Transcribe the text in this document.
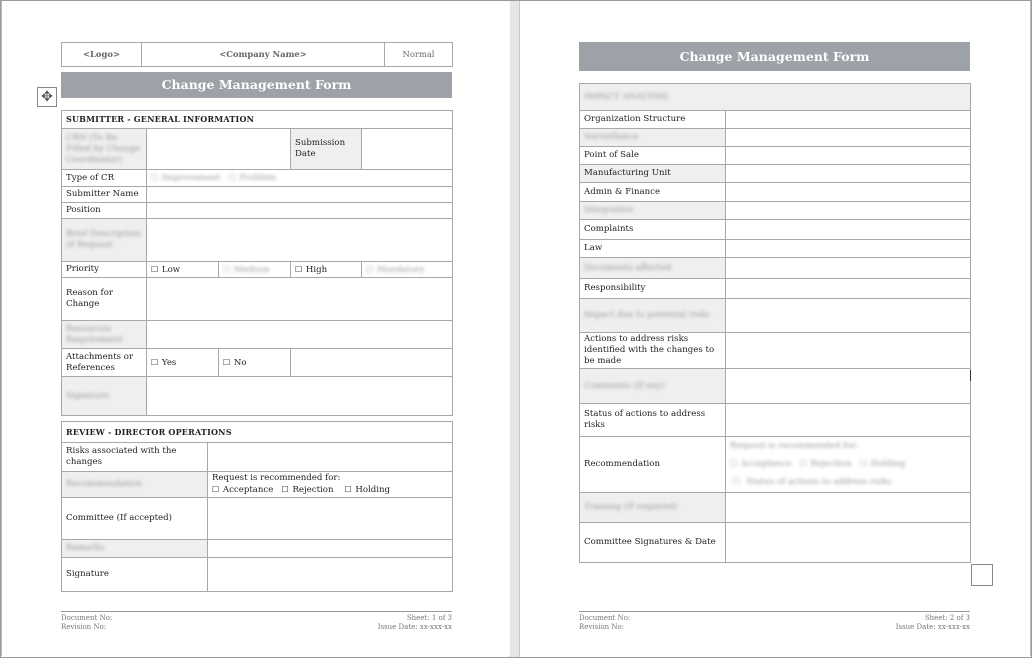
<Logo>	<Company Name>	Normal
Change Management Form
SUBMITTER - GENERAL INFORMATION				
CRN (To Be Filled by Change Coordinator)			Submission Date	
Type of CR	☐ Improvement ☐ Problem			
Submitter Name				
Position				
Brief Description of Request				
Priority	☐ Low	☐ Medium	☐ High	☐ Mandatory
Reason for Change				
Resources Requirement				
Attachments or References	☐ Yes	☐ No		
Signature				
REVIEW - DIRECTOR OPERATIONS	
Risks associated with the changes	
Recommendation	Request is recommended for:
☐ Acceptance ☐ Rejection ☐ Holding

Committee (If accepted)	
Remarks	
Signature	
Document No:
Revision No:
Sheet: 1 of 3
Issue Date: xx-xxx-xx
✥
Change Management Form
IMPACT ANALYSIS	
Organization Structure	
Surveillance	
Point of Sale	
Manufacturing Unit	
Admin & Finance	
Integration	
Complaints	
Law	
Documents affected	
Responsibility	
Impact due to potential risks	
Actions to address risks identified with the changes to be made	
Comments (If any)	
Status of actions to address risks	
Recommendation	Request is recommended for:
☐ Acceptance ☐ Rejection ☐ Holding
☐ Status of actions to address risks

Training (If required)	
Committee Signatures & Date	
Document No:
Revision No:
Sheet: 2 of 3
Issue Date: xx-xxx-xx
